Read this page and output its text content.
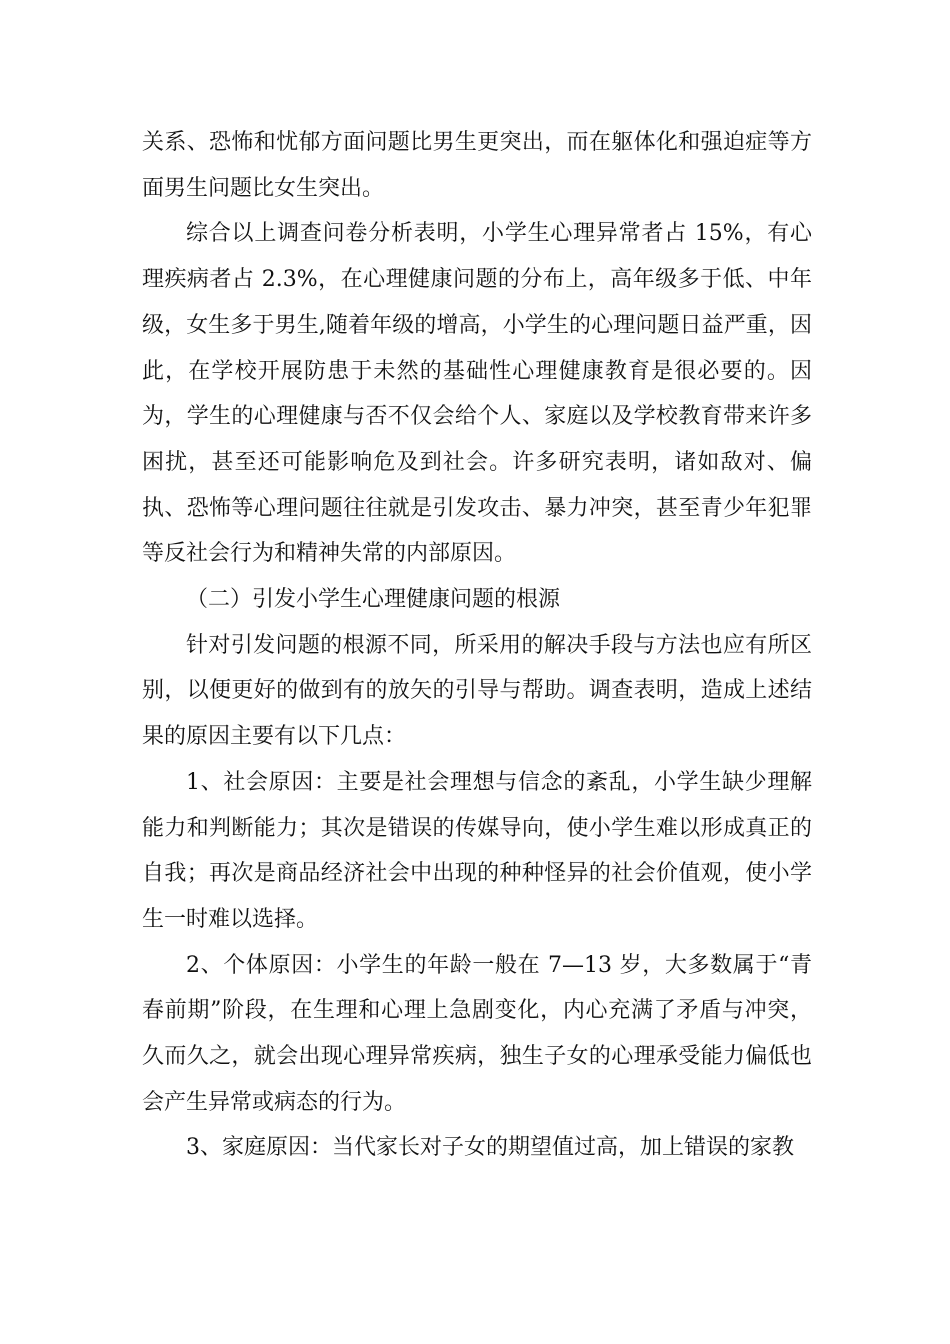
关系、恐怖和忧郁方面问题比男生更突出，而在躯体化和强迫症等方面男生问题比女生突出。

综合以上调查问卷分析表明，小学生心理异常者占 15%，有心理疾病者占 2.3%，在心理健康问题的分布上，高年级多于低、中年级，女生多于男生,随着年级的增高，小学生的心理问题日益严重，因此，在学校开展防患于未然的基础性心理健康教育是很必要的。因为，学生的心理健康与否不仅会给个人、家庭以及学校教育带来许多困扰，甚至还可能影响危及到社会。许多研究表明，诸如敌对、偏执、恐怖等心理问题往往就是引发攻击、暴力冲突，甚至青少年犯罪等反社会行为和精神失常的内部原因。

（二）引发小学生心理健康问题的根源

针对引发问题的根源不同，所采用的解决手段与方法也应有所区别，以便更好的做到有的放矢的引导与帮助。调查表明，造成上述结果的原因主要有以下几点：

1、社会原因：主要是社会理想与信念的紊乱，小学生缺少理解能力和判断能力；其次是错误的传媒导向，使小学生难以形成真正的自我；再次是商品经济社会中出现的种种怪异的社会价值观，使小学生一时难以选择。

2、个体原因：小学生的年龄一般在 7—13 岁，大多数属于“青春前期”阶段，在生理和心理上急剧变化，内心充满了矛盾与冲突，久而久之，就会出现心理异常疾病，独生子女的心理承受能力偏低也会产生异常或病态的行为。

3、家庭原因：当代家长对子女的期望值过高，加上错误的家教
